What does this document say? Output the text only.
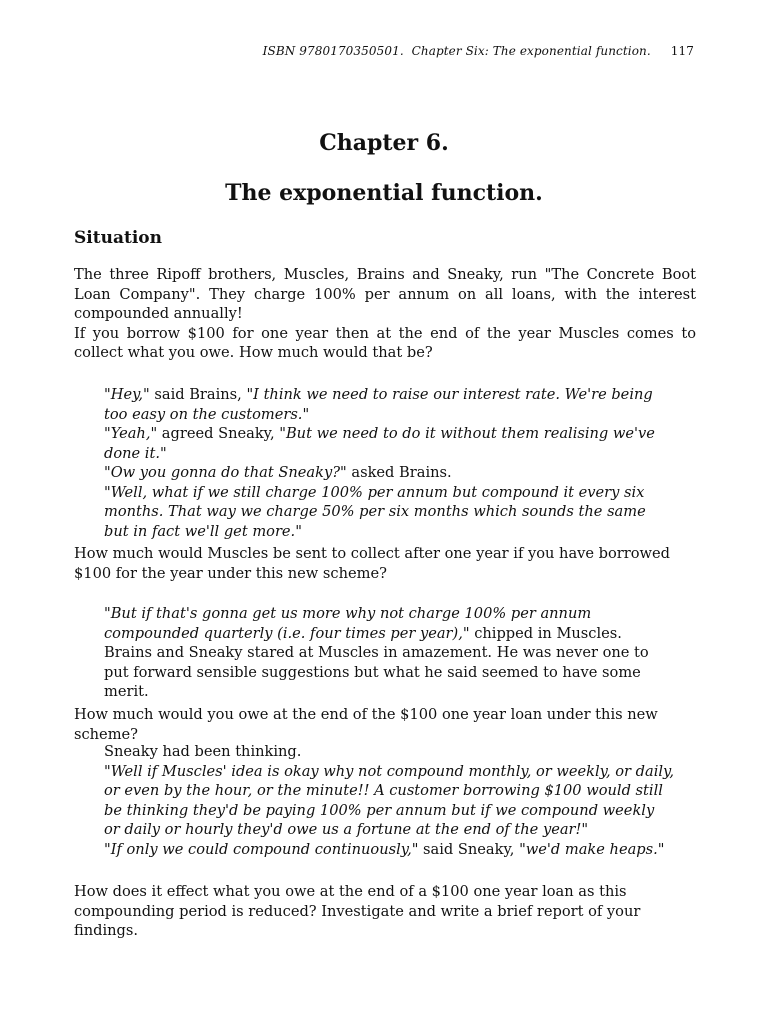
ISBN 9780170350501. Chapter Six: The exponential function. 117
Chapter 6.
The exponential function.
Situation

The three Ripoff brothers, Muscles, Brains and Sneaky, run "The Concrete Boot Loan Company". They charge 100% per annum on all loans, with the interest compounded annually!

If you borrow $100 for one year then at the end of the year Muscles comes to collect what you owe. How much would that be?

"Hey," said Brains, "I think we need to raise our interest rate. We're being too easy on the customers."

"Yeah," agreed Sneaky, "But we need to do it without them realising we've done it."

"Ow you gonna do that Sneaky?" asked Brains.

"Well, what if we still charge 100% per annum but compound it every six months. That way we charge 50% per six months which sounds the same but in fact we'll get more."

How much would Muscles be sent to collect after one year if you have borrowed $100 for the year under this new scheme?

"But if that's gonna get us more why not charge 100% per annum compounded quarterly (i.e. four times per year)," chipped in Muscles.

Brains and Sneaky stared at Muscles in amazement. He was never one to put forward sensible suggestions but what he said seemed to have some merit.

How much would you owe at the end of the $100 one year loan under this new scheme?

Sneaky had been thinking.

"Well if Muscles' idea is okay why not compound monthly, or weekly, or daily, or even by the hour, or the minute!! A customer borrowing $100 would still be thinking they'd be paying 100% per annum but if we compound weekly or daily or hourly they'd owe us a fortune at the end of the year!"

"If only we could compound continuously," said Sneaky, "we'd make heaps."

How does it effect what you owe at the end of a $100 one year loan as this compounding period is reduced? Investigate and write a brief report of your findings.
